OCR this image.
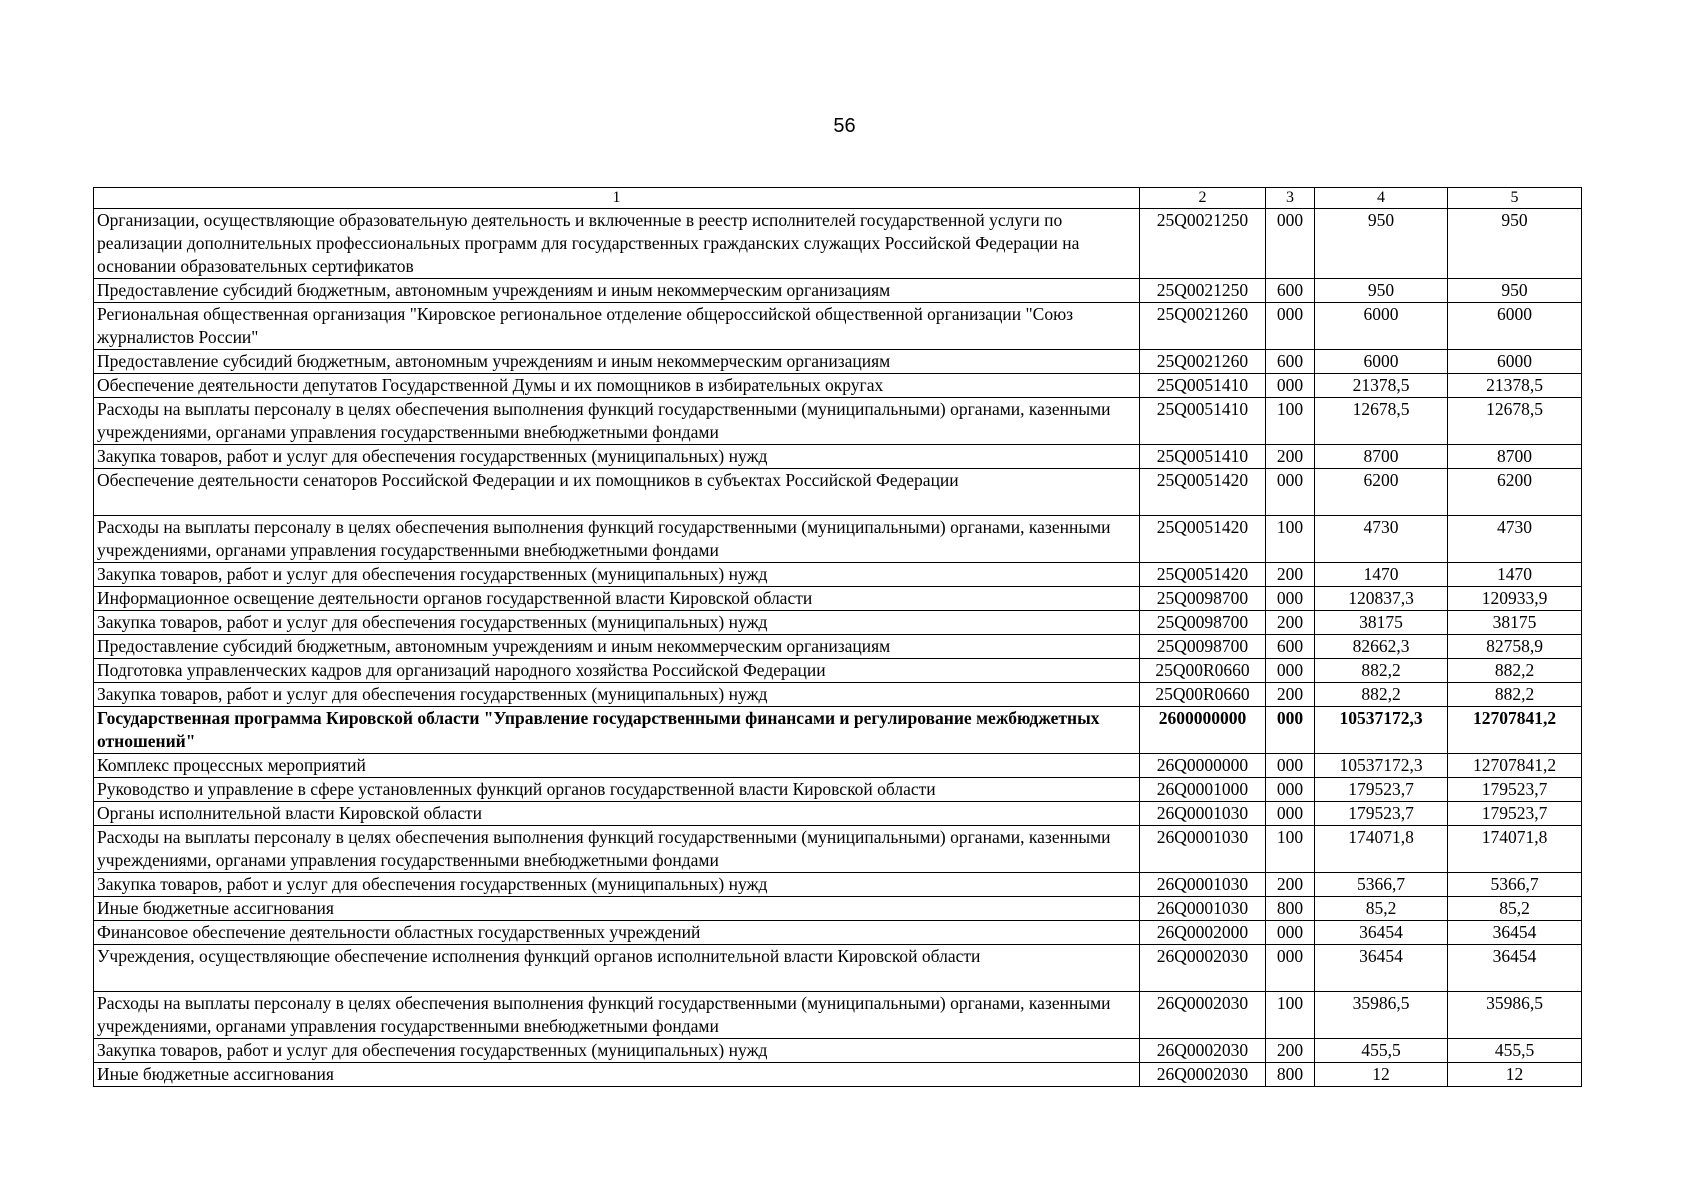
56
1	2	3	4	5
Организации, осуществляющие образовательную деятельность и включенные в реестр исполнителей государственной услуги по реализации дополнительных профессиональных программ для государственных гражданских служащих Российской Федерации на основании образовательных сертификатов	25Q0021250	000	950	950
Предоставление субсидий бюджетным, автономным учреждениям и иным некоммерческим организациям	25Q0021250	600	950	950
Региональная общественная организация "Кировское региональное отделение общероссийской общественной организации "Союз журналистов России"	25Q0021260	000	6000	6000
Предоставление субсидий бюджетным, автономным учреждениям и иным некоммерческим организациям	25Q0021260	600	6000	6000
Обеспечение деятельности депутатов Государственной Думы и их помощников в избирательных округах	25Q0051410	000	21378,5	21378,5
Расходы на выплаты персоналу в целях обеспечения выполнения функций государственными (муниципальными) органами, казенными учреждениями, органами управления государственными внебюджетными фондами	25Q0051410	100	12678,5	12678,5
Закупка товаров, работ и услуг для обеспечения государственных (муниципальных) нужд	25Q0051410	200	8700	8700
Обеспечение деятельности сенаторов Российской Федерации и их помощников в субъектах Российской Федерации	25Q0051420	000	6200	6200
Расходы на выплаты персоналу в целях обеспечения выполнения функций государственными (муниципальными) органами, казенными учреждениями, органами управления государственными внебюджетными фондами	25Q0051420	100	4730	4730
Закупка товаров, работ и услуг для обеспечения государственных (муниципальных) нужд	25Q0051420	200	1470	1470
Информационное освещение деятельности органов государственной власти Кировской области	25Q0098700	000	120837,3	120933,9
Закупка товаров, работ и услуг для обеспечения государственных (муниципальных) нужд	25Q0098700	200	38175	38175
Предоставление субсидий бюджетным, автономным учреждениям и иным некоммерческим организациям	25Q0098700	600	82662,3	82758,9
Подготовка управленческих кадров для организаций народного хозяйства Российской Федерации	25Q00R0660	000	882,2	882,2
Закупка товаров, работ и услуг для обеспечения государственных (муниципальных) нужд	25Q00R0660	200	882,2	882,2
Государственная программа Кировской области "Управление государственными финансами и регулирование межбюджетных отношений"	2600000000	000	10537172,3	12707841,2
Комплекс процессных мероприятий	26Q0000000	000	10537172,3	12707841,2
Руководство и управление в сфере установленных функций органов государственной власти Кировской области	26Q0001000	000	179523,7	179523,7
Органы исполнительной власти Кировской области	26Q0001030	000	179523,7	179523,7
Расходы на выплаты персоналу в целях обеспечения выполнения функций государственными (муниципальными) органами, казенными учреждениями, органами управления государственными внебюджетными фондами	26Q0001030	100	174071,8	174071,8
Закупка товаров, работ и услуг для обеспечения государственных (муниципальных) нужд	26Q0001030	200	5366,7	5366,7
Иные бюджетные ассигнования	26Q0001030	800	85,2	85,2
Финансовое обеспечение деятельности областных государственных учреждений	26Q0002000	000	36454	36454
Учреждения, осуществляющие обеспечение исполнения функций органов исполнительной власти Кировской области	26Q0002030	000	36454	36454
Расходы на выплаты персоналу в целях обеспечения выполнения функций государственными (муниципальными) органами, казенными учреждениями, органами управления государственными внебюджетными фондами	26Q0002030	100	35986,5	35986,5
Закупка товаров, работ и услуг для обеспечения государственных (муниципальных) нужд	26Q0002030	200	455,5	455,5
Иные бюджетные ассигнования	26Q0002030	800	12	12
